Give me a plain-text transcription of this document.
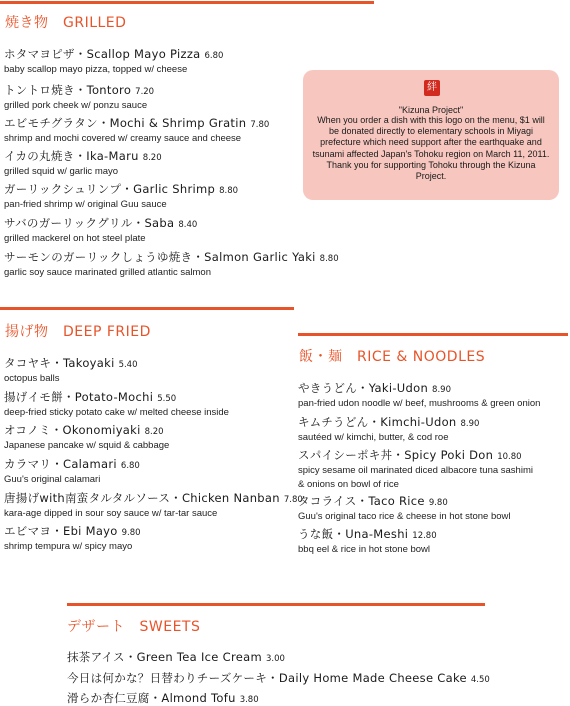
焼き物　GRILLED
ホタマヨピザ・Scallop Mayo Pizza 6.80
baby scallop mayo pizza, topped w/ cheese
トントロ焼き・Tontoro 7.20
grilled pork cheek w/ ponzu sauce
エビモチグラタン・Mochi & Shrimp Gratin 7.80
shrimp and mochi covered w/ creamy sauce and cheese
イカの丸焼き・Ika-Maru 8.20
grilled squid w/ garlic mayo
ガーリックシュリンプ・Garlic Shrimp 8.80
pan-fried shrimp w/ original Guu sauce
サバのガーリックグリル・Saba 8.40
grilled mackerel on hot steel plate
サーモンのガーリックしょうゆ焼き・Salmon Garlic Yaki 8.80
garlic soy sauce marinated grilled atlantic salmon
絆
"Kizuna Project"
When you order a dish with this logo on the menu, $1 will be donated directly to elementary schools in Miyagi prefecture which need support after the earthquake and tsunami affected Japan's Tohoku region on March 11, 2011. Thank you for supporting Tohoku through the Kizuna Project.
揚げ物　DEEP FRIED
タコヤキ・Takoyaki 5.40
octopus balls
揚げイモ餅・Potato-Mochi 5.50
deep-fried sticky potato cake w/ melted cheese inside
オコノミ・Okonomiyaki 8.20
Japanese pancake w/ squid & cabbage
カラマリ・Calamari 6.80
Guu's original calamari
唐揚げwith南蛮タルタルソース・Chicken Nanban 7.80
kara-age dipped in sour soy sauce w/ tar-tar sauce
エビマヨ・Ebi Mayo 9.80
shrimp tempura w/ spicy mayo
飯・麺　RICE & NOODLES
やきうどん・Yaki-Udon 8.90
pan-fried udon noodle w/ beef, mushrooms & green onion
キムチうどん・Kimchi-Udon 8.90
sautéed w/ kimchi, butter, & cod roe
スパイシーポキ丼・Spicy Poki Don 10.80
spicy sesame oil marinated diced albacore tuna sashimi
& onions on bowl of rice
タコライス・Taco Rice 9.80
Guu's original taco rice & cheese in hot stone bowl
うな飯・Una-Meshi 12.80
bbq eel & rice in hot stone bowl
デザート　SWEETS
抹茶アイス・Green Tea Ice Cream 3.00
今日は何かな？日替わりチーズケーキ・Daily Home Made Cheese Cake 4.50
滑らか杏仁豆腐・Almond Tofu 3.80
